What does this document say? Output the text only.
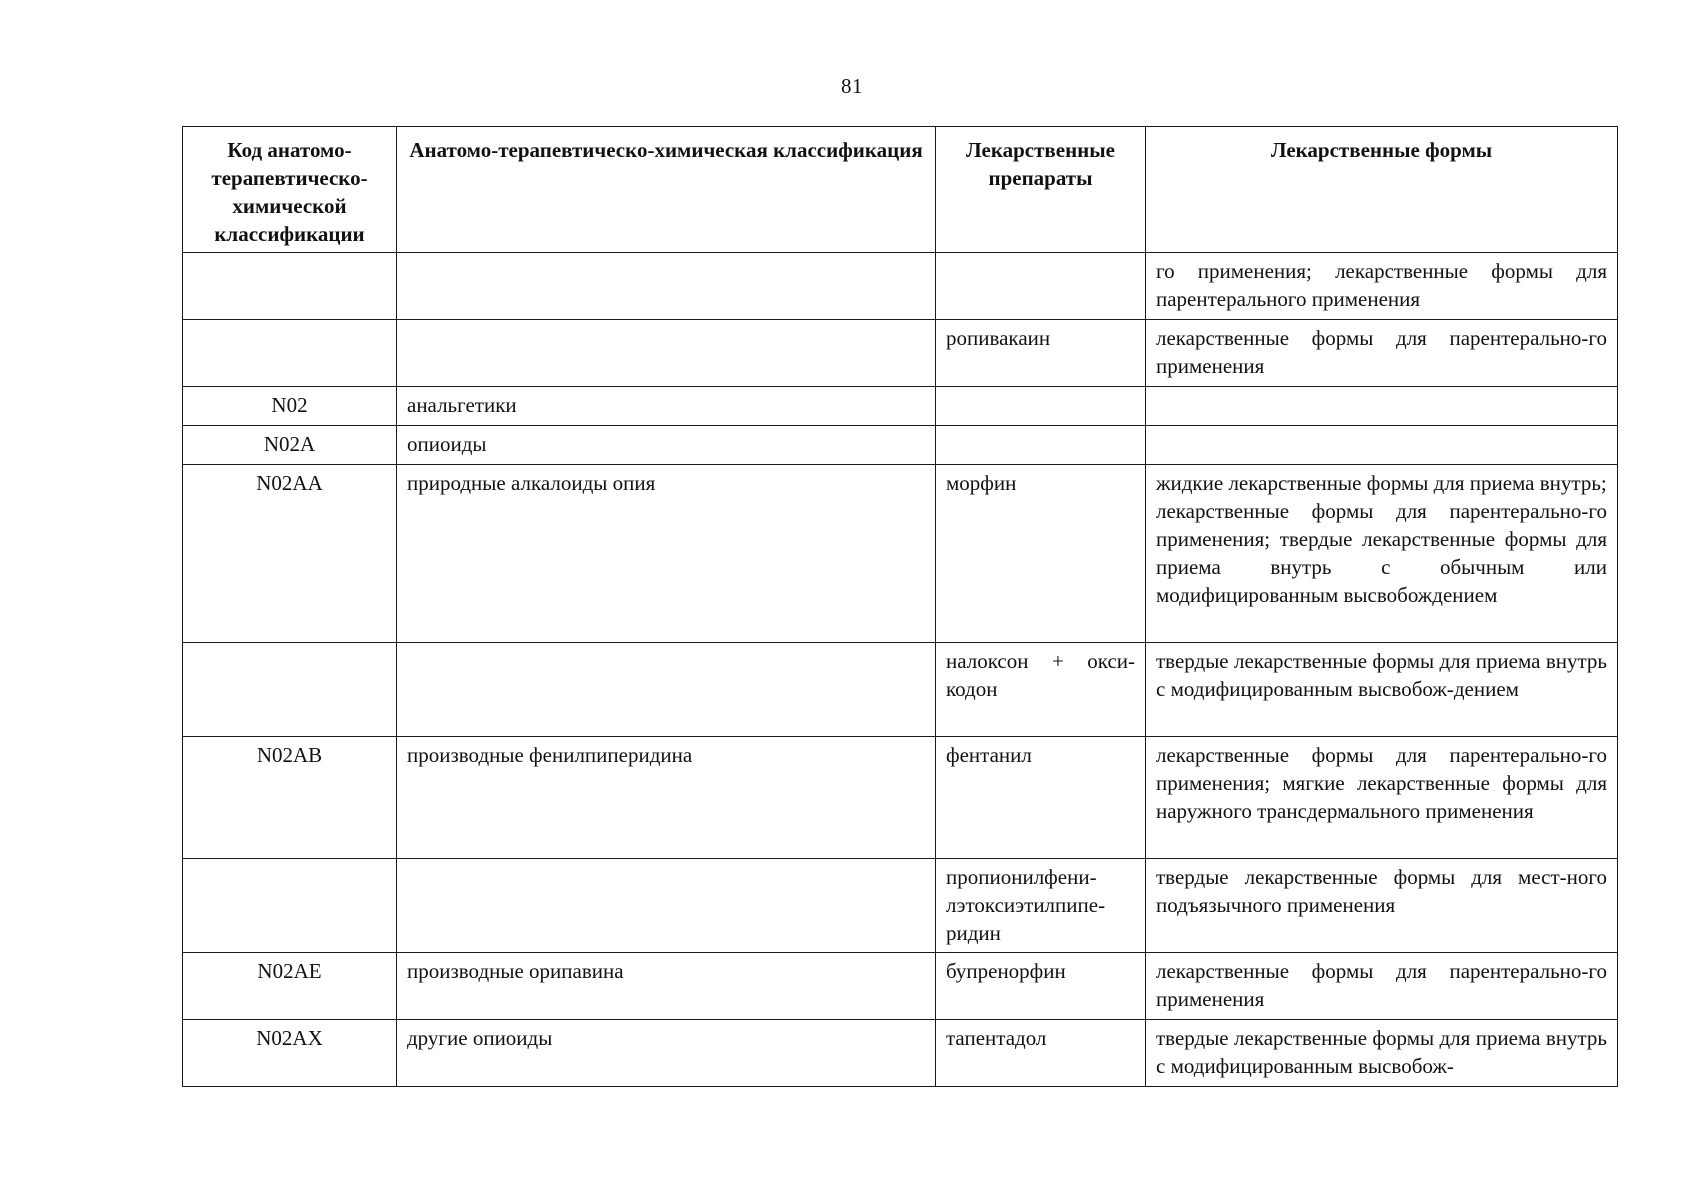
81
Код анатомо-терапевтическо-химической классификации	Анатомо-терапевтическо-химическая классификация	Лекарственные препараты	Лекарственные формы

			го применения; лекарственные формы для парентерального применения

		ропивакаин	лекарственные формы для парентерально-го применения

N02	анальгетики		
N02A	опиоиды		
N02AA	природные алкалоиды опия	морфин	жидкие лекарственные формы для приема внутрь;
лекарственные формы для парентерально-го применения; твердые лекарственные формы для приема внутрь с обычным или модифицированным высвобождением

		налоксон + окси-кодон	твердые лекарственные формы для приема внутрь с модифицированным высвобож-дением

N02AB	производные фенилпиперидина	фентанил	лекарственные формы для парентерально-го применения; мягкие лекарственные формы для наружного трансдермального применения

		пропионилфени-лэтоксиэтилпипе-ридин	твердые лекарственные формы для мест-ного подъязычного применения

N02AE	производные орипавина	бупренорфин	лекарственные формы для парентерально-го применения

N02AX	другие опиоиды	тапентадол	твердые лекарственные формы для приема внутрь с модифицированным высвобож-
